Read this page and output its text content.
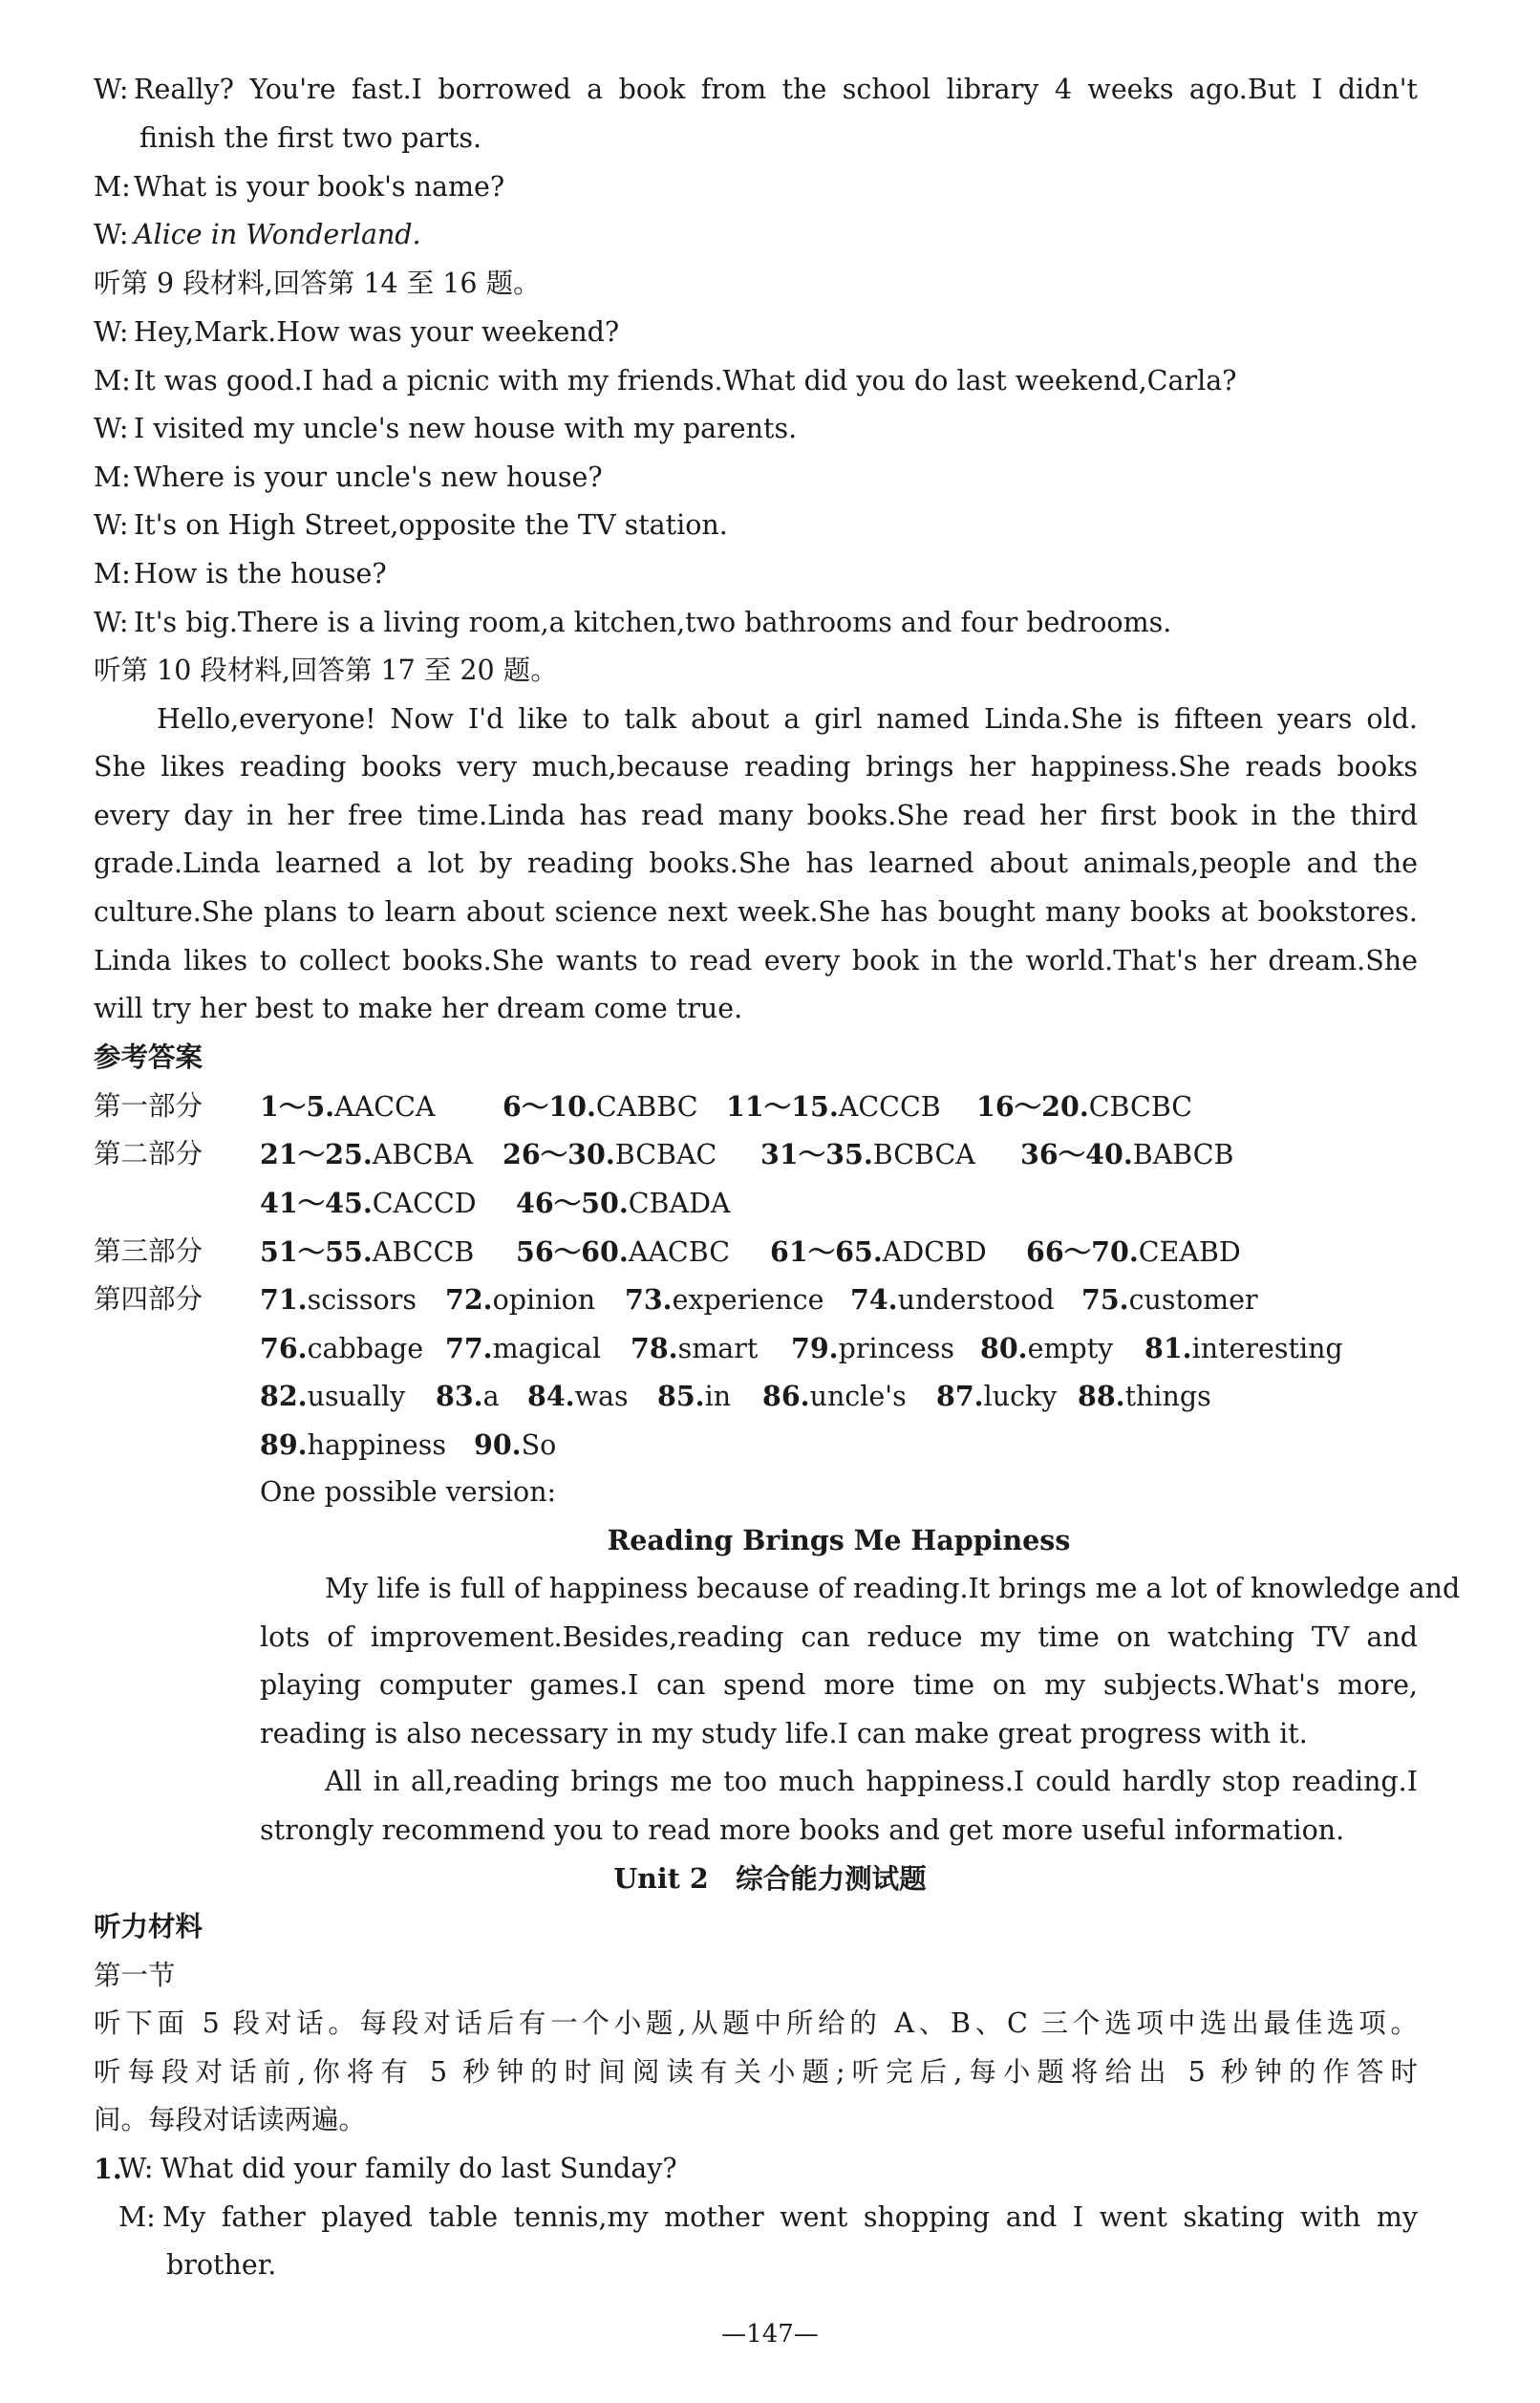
W: Really? You're fast.I borrowed a book from the school library 4 weeks ago.But I didn't
finish the first two parts.
M: What is your book's name?
W: Alice in Wonderland.
听第 9 段材料,回答第 14 至 16 题。
W: Hey,Mark.How was your weekend?
M: It was good.I had a picnic with my friends.What did you do last weekend,Carla?
W: I visited my uncle's new house with my parents.
M: Where is your uncle's new house?
W: It's on High Street,opposite the TV station.
M: How is the house?
W: It's big.There is a living room,a kitchen,two bathrooms and four bedrooms.
听第 10 段材料,回答第 17 至 20 题。
Hello,everyone! Now I'd like to talk about a girl named Linda.She is fifteen years old.
She likes reading books very much,because reading brings her happiness.She reads books
every day in her free time.Linda has read many books.She read her first book in the third
grade.Linda learned a lot by reading books.She has learned about animals,people and the
culture.She plans to learn about science next week.She has bought many books at bookstores.
Linda likes to collect books.She wants to read every book in the world.That's her dream.She
will try her best to make her dream come true.
参考答案
第一部分 1～5.AACCA 6～10.CABBC 11～15.ACCCB 16～20.CBCBC
第二部分 21～25.ABCBA 26～30.BCBAC 31～35.BCBCA 36～40.BABCB
41～45.CACCD 46～50.CBADA
第三部分 51～55.ABCCB 56～60.AACBC 61～65.ADCBD 66～70.CEABD
第四部分 71.scissors 72.opinion 73.experience 74.understood 75.customer
76.cabbage 77.magical 78.smart 79.princess 80.empty 81.interesting
82.usually 83.a 84.was 85.in 86.uncle's 87.lucky 88.things
89.happiness 90.So
One possible version:
Reading Brings Me Happiness
My life is full of happiness because of reading.It brings me a lot of knowledge and
lots of improvement.Besides,reading can reduce my time on watching TV and
playing computer games.I can spend more time on my subjects.What's more,
reading is also necessary in my study life.I can make great progress with it.
All in all,reading brings me too much happiness.I could hardly stop reading.I
strongly recommend you to read more books and get more useful information.
Unit 2　综合能力测试题
听力材料
第一节
听下面 5 段对话。每段对话后有一个小题,从题中所给的 A、B、C 三个选项中选出最佳选项。
听每段对话前,你将有 5 秒钟的时间阅读有关小题;听完后,每小题将给出 5 秒钟的作答时
间。每段对话读两遍。
1.
W: What did your family do last Sunday?
M: My father played table tennis,my mother went shopping and I went skating with my
brother.
—147—
